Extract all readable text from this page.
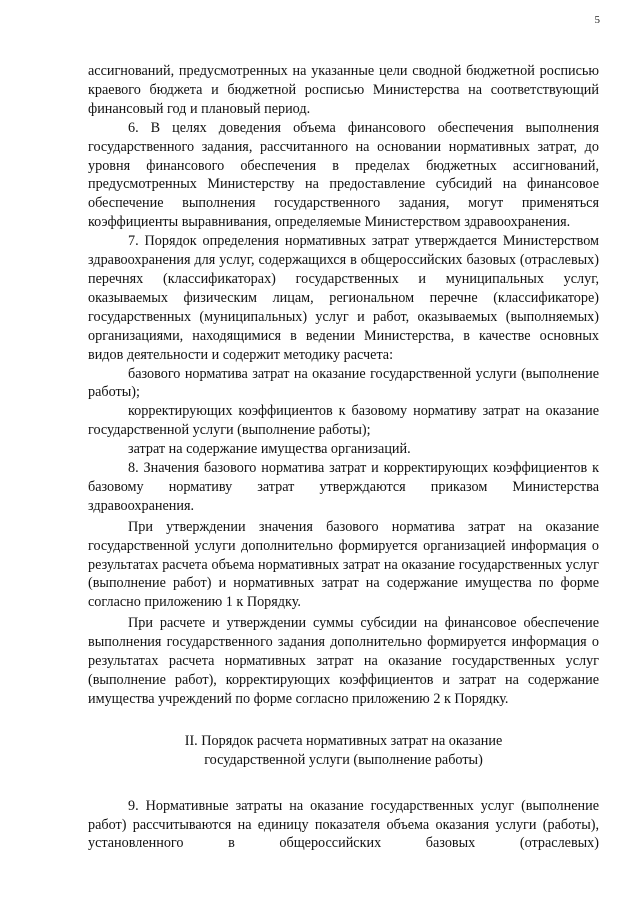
5

ассигнований, предусмотренных на указанные цели сводной бюджетной росписью краевого бюджета и бюджетной росписью Министерства на соответствующий финансовый год и плановый период.

6. В целях доведения объема финансового обеспечения выполнения государственного задания, рассчитанного на основании нормативных затрат, до уровня финансового обеспечения в пределах бюджетных ассигнований, предусмотренных Министерству на предоставление субсидий на финансовое обеспечение выполнения государственного задания, могут применяться коэффициенты выравнивания, определяемые Министерством здравоохранения.

7. Порядок определения нормативных затрат утверждается Министерством здравоохранения для услуг, содержащихся в общероссийских базовых (отраслевых) перечнях (классификаторах) государственных и муниципальных услуг, оказываемых физическим лицам, региональном перечне (классификаторе) государственных (муниципальных) услуг и работ, оказываемых (выполняемых) организациями, находящимися в ведении Министерства, в качестве основных видов деятельности и содержит методику расчета:

базового норматива затрат на оказание государственной услуги (выполнение работы);

корректирующих коэффициентов к базовому нормативу затрат на оказание государственной услуги (выполнение работы);

затрат на содержание имущества организаций.

8. Значения базового норматива затрат и корректирующих коэффициентов к базовому нормативу затрат утверждаются приказом Министерства здравоохранения.

При утверждении значения базового норматива затрат на оказание государственной услуги дополнительно формируется организацией информация о результатах расчета объема нормативных затрат на оказание государственных услуг (выполнение работ) и нормативных затрат на содержание имущества по форме согласно приложению 1 к Порядку.

При расчете и утверждении суммы субсидии на финансовое обеспечение выполнения государственного задания дополнительно формируется информация о результатах расчета нормативных затрат на оказание государственных услуг (выполнение работ), корректирующих коэффициентов и затрат на содержание имущества учреждений по форме согласно приложению 2 к Порядку.

II. Порядок расчета нормативных затрат на оказание

государственной услуги (выполнение работы)

9. Нормативные затраты на оказание государственных услуг (выполнение работ) рассчитываются на единицу показателя объема оказания услуги (работы), установленного в общероссийских базовых (отраслевых)
